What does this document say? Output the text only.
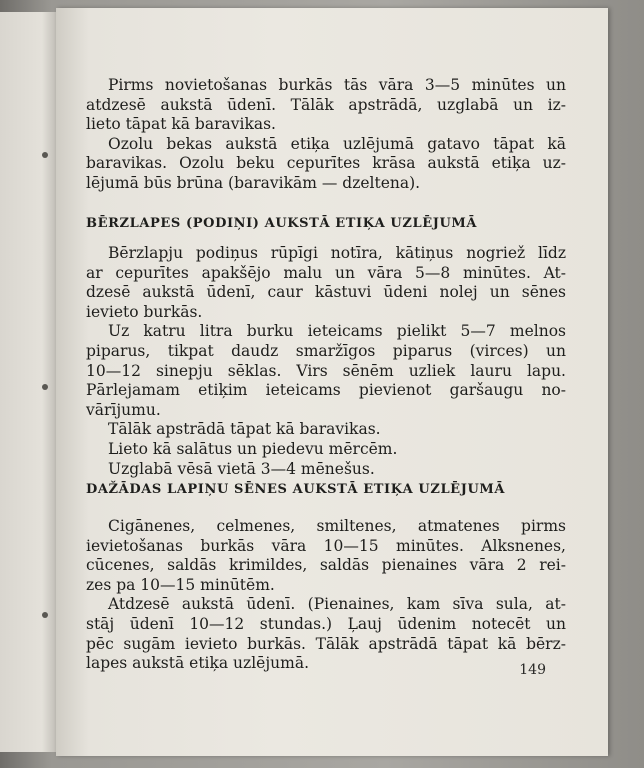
Pirms novietošanas burkās tās vāra 3—5 minūtes un
atdzesē aukstā ūdenī. Tālāk apstrādā, uzglabā un iz-
lieto tāpat kā baravikas.
Ozolu bekas aukstā etiķa uzlējumā gatavo tāpat kā
baravikas. Ozolu beku cepurītes krāsa aukstā etiķa uz-
lējumā būs brūna (baravikām — dzeltena).
BĒRZLAPES (PODIŅI) AUKSTĀ ETIĶA UZLĒJUMĀ
Bērzlapju podiņus rūpīgi notīra, kātiņus nogriež līdz
ar cepurītes apakšējo malu un vāra 5—8 minūtes. At-
dzesē aukstā ūdenī, caur kāstuvi ūdeni nolej un sēnes
ievieto burkās.
Uz katru litra burku ieteicams pielikt 5—7 melnos
piparus, tikpat daudz smaržīgos piparus (virces) un
10—12 sinepju sēklas. Virs sēnēm uzliek lauru lapu.
Pārlejamam etiķim ieteicams pievienot garšaugu no-
vārījumu.
Tālāk apstrādā tāpat kā baravikas.
Lieto kā salātus un piedevu mērcēm.
Uzglabā vēsā vietā 3—4 mēnešus.
DAŽĀDAS LAPIŅU SĒNES AUKSTĀ ETIĶA UZLĒJUMĀ
Cigānenes, celmenes, smiltenes, atmatenes pirms
ievietošanas burkās vāra 10—15 minūtes. Alksnenes,
cūcenes, saldās krimildes, saldās pienaines vāra 2 rei-
zes pa 10—15 minūtēm.
Atdzesē aukstā ūdenī. (Pienaines, kam sīva sula, at-
stāj ūdenī 10—12 stundas.) Ļauj ūdenim notecēt un
pēc sugām ievieto burkās. Tālāk apstrādā tāpat kā bērz-
lapes aukstā etiķa uzlējumā.	149
